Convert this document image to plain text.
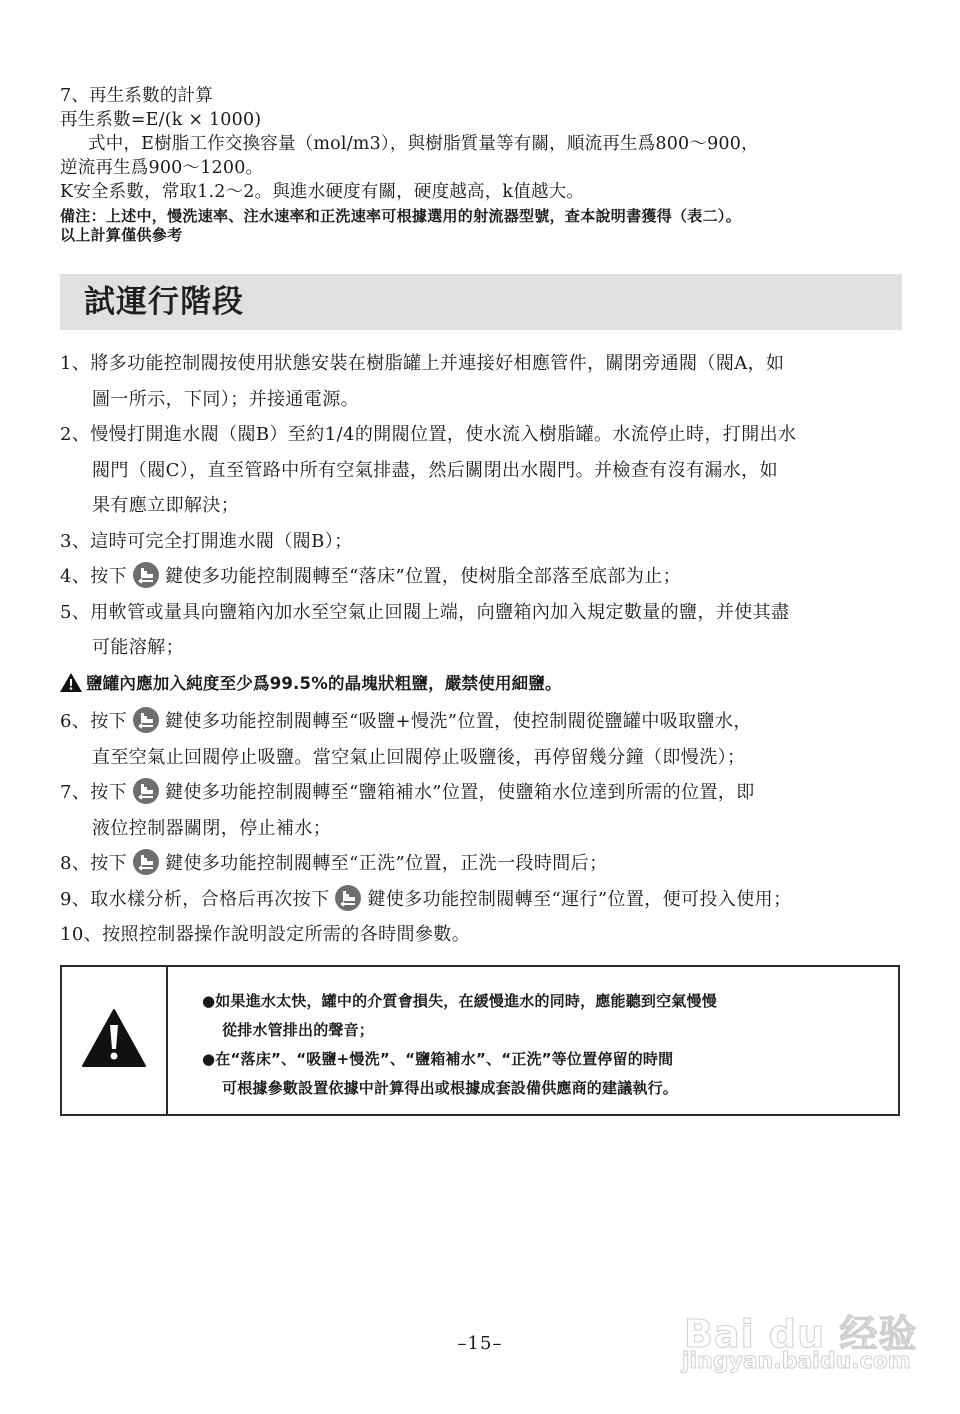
7、再生系數的計算
再生系數=E/(k × 1000)
式中，E樹脂工作交換容量（mol/m3），與樹脂質量等有關，順流再生爲800～900，
逆流再生爲900～1200。
K安全系數，常取1.2～2。與進水硬度有關，硬度越高，k值越大。
備注：上述中，慢洗速率、注水速率和正洗速率可根據選用的射流器型號，查本說明書獲得（表二）。
以上計算僅供參考
試運行階段
1、將多功能控制閥按使用狀態安裝在樹脂罐上并連接好相應管件，關閉旁通閥（閥A，如
圖一所示，下同）；并接通電源。
2、慢慢打開進水閥（閥B）至約1/4的開閥位置，使水流入樹脂罐。水流停止時，打開出水
閥門（閥C），直至管路中所有空氣排盡，然后關閉出水閥門。并檢查有沒有漏水，如
果有應立即解決；
3、這時可完全打開進水閥（閥B）；
4、按下 鍵使多功能控制閥轉至“落床”位置，使树脂全部落至底部为止；
5、用軟管或量具向鹽箱內加水至空氣止回閥上端，向鹽箱內加入規定數量的鹽，并使其盡
可能溶解；
鹽罐內應加入純度至少爲99.5%的晶塊狀粗鹽，嚴禁使用細鹽。
6、按下 鍵使多功能控制閥轉至“吸鹽+慢洗”位置，使控制閥從鹽罐中吸取鹽水，
直至空氣止回閥停止吸鹽。當空氣止回閥停止吸鹽後，再停留幾分鐘（即慢洗）；
7、按下 鍵使多功能控制閥轉至“鹽箱補水”位置，使鹽箱水位達到所需的位置，即
液位控制器關閉，停止補水；
8、按下 鍵使多功能控制閥轉至“正洗”位置，正洗一段時間后；
9、取水樣分析，合格后再次按下 鍵使多功能控制閥轉至“運行”位置，便可投入使用；
10、按照控制器操作說明設定所需的各時間參數。
●如果進水太快，罐中的介質會損失，在緩慢進水的同時，應能聽到空氣慢慢
從排水管排出的聲音；
●在“落床”、“吸鹽+慢洗”、“鹽箱補水”、“正洗”等位置停留的時間
可根據參數設置依據中計算得出或根據成套設備供應商的建議執行。
Bai du 经验
jingyan.baidu.com
–15–
